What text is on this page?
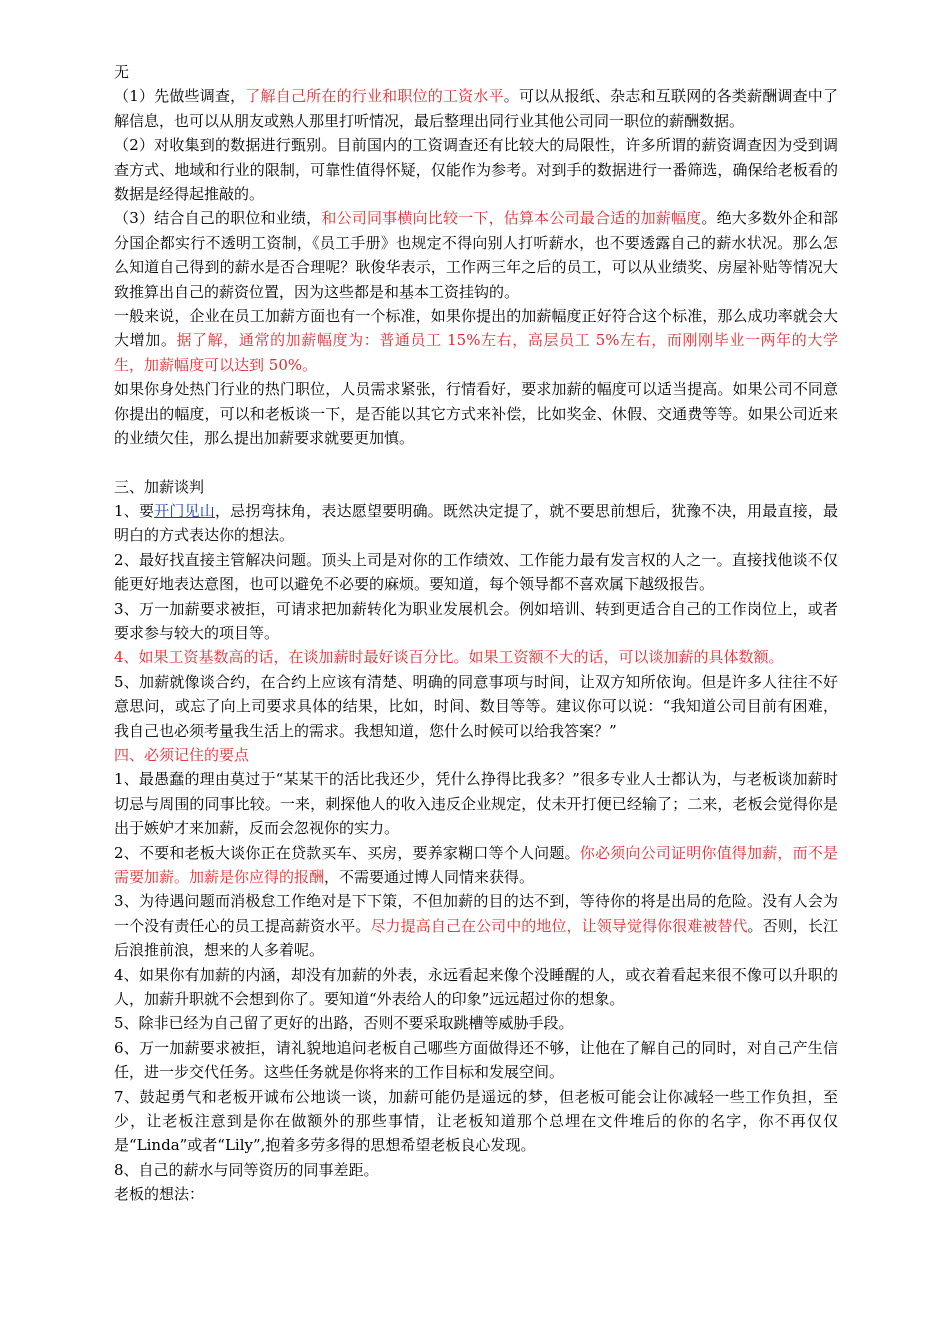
无

（1）先做些调查，了解自己所在的行业和职位的工资水平。可以从报纸、杂志和互联网的各类薪酬调查中了解信息，也可以从朋友或熟人那里打听情况，最后整理出同行业其他公司同一职位的薪酬数据。

（2）对收集到的数据进行甄别。目前国内的工资调查还有比较大的局限性，许多所谓的薪资调查因为受到调查方式、地域和行业的限制，可靠性值得怀疑，仅能作为参考。对到手的数据进行一番筛选，确保给老板看的数据是经得起推敲的。

（3）结合自己的职位和业绩，和公司同事横向比较一下，估算本公司最合适的加薪幅度。绝大多数外企和部分国企都实行不透明工资制，《员工手册》也规定不得向别人打听薪水，也不要透露自己的薪水状况。那么怎么知道自己得到的薪水是否合理呢？耿俊华表示，工作两三年之后的员工，可以从业绩奖、房屋补贴等情况大致推算出自己的薪资位置，因为这些都是和基本工资挂钩的。

一般来说，企业在员工加薪方面也有一个标准，如果你提出的加薪幅度正好符合这个标准，那么成功率就会大大增加。据了解，通常的加薪幅度为：普通员工 15%左右，高层员工 5%左右，而刚刚毕业一两年的大学生，加薪幅度可以达到 50%。

如果你身处热门行业的热门职位，人员需求紧张，行情看好，要求加薪的幅度可以适当提高。如果公司不同意你提出的幅度，可以和老板谈一下，是否能以其它方式来补偿，比如奖金、休假、交通费等等。如果公司近来的业绩欠佳，那么提出加薪要求就要更加慎。

三、加薪谈判

1、要开门见山，忌拐弯抹角，表达愿望要明确。既然决定提了，就不要思前想后，犹豫不决，用最直接，最明白的方式表达你的想法。

2、最好找直接主管解决问题。顶头上司是对你的工作绩效、工作能力最有发言权的人之一。直接找他谈不仅能更好地表达意图，也可以避免不必要的麻烦。要知道，每个领导都不喜欢属下越级报告。

3、万一加薪要求被拒，可请求把加薪转化为职业发展机会。例如培训、转到更适合自己的工作岗位上，或者要求参与较大的项目等。

4、如果工资基数高的话，在谈加薪时最好谈百分比。如果工资额不大的话，可以谈加薪的具体数额。

5、加薪就像谈合约，在合约上应该有清楚、明确的同意事项与时间，让双方知所依询。但是许多人往往不好意思问，或忘了向上司要求具体的结果，比如，时间、数目等等。建议你可以说：“我知道公司目前有困难，我自己也必须考量我生活上的需求。我想知道，您什么时候可以给我答案？”

四、必须记住的要点

1、最愚蠢的理由莫过于“某某干的活比我还少，凭什么挣得比我多？”很多专业人士都认为，与老板谈加薪时切忌与周围的同事比较。一来，刺探他人的收入违反企业规定，仗未开打便已经输了；二来，老板会觉得你是出于嫉妒才来加薪，反而会忽视你的实力。

2、不要和老板大谈你正在贷款买车、买房，要养家糊口等个人问题。你必须向公司证明你值得加薪，而不是需要加薪。加薪是你应得的报酬，不需要通过博人同情来获得。

3、为待遇问题而消极怠工作绝对是下下策，不但加薪的目的达不到，等待你的将是出局的危险。没有人会为一个没有责任心的员工提高薪资水平。尽力提高自己在公司中的地位，让领导觉得你很难被替代。否则，长江后浪推前浪，想来的人多着呢。

4、如果你有加薪的内涵，却没有加薪的外表，永远看起来像个没睡醒的人，或衣着看起来很不像可以升职的人，加薪升职就不会想到你了。要知道“外表给人的印象”远远超过你的想象。

5、除非已经为自己留了更好的出路，否则不要采取跳槽等威胁手段。

6、万一加薪要求被拒，请礼貌地追问老板自己哪些方面做得还不够，让他在了解自己的同时，对自己产生信任，进一步交代任务。这些任务就是你将来的工作目标和发展空间。

7、鼓起勇气和老板开诚布公地谈一谈，加薪可能仍是遥远的梦，但老板可能会让你减轻一些工作负担，至少，让老板注意到是你在做额外的那些事情，让老板知道那个总埋在文件堆后的你的名字，你不再仅仅是“Linda”或者“Lily”,抱着多劳多得的思想希望老板良心发现。

8、自己的薪水与同等资历的同事差距。

老板的想法：
